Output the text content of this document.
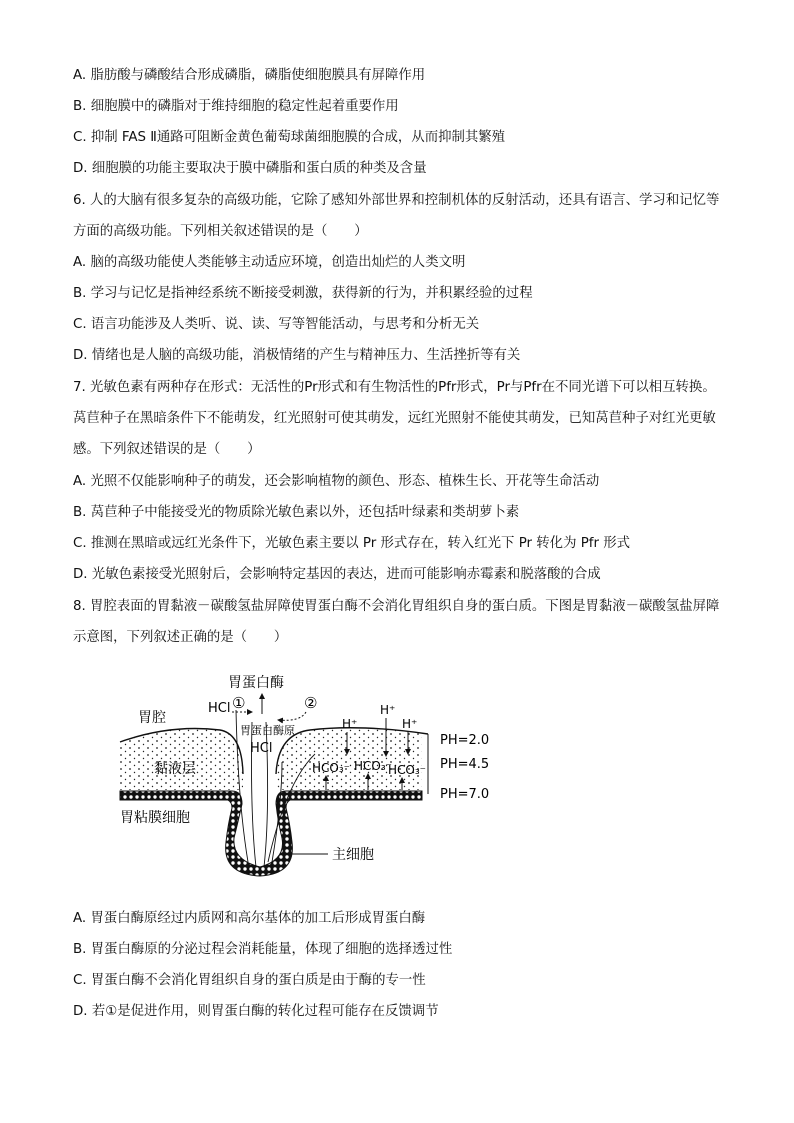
A. 脂肪酸与磷酸结合形成磷脂，磷脂使细胞膜具有屏障作用
B. 细胞膜中的磷脂对于维持细胞的稳定性起着重要作用
C. 抑制 FAS Ⅱ通路可阻断金黄色葡萄球菌细胞膜的合成，从而抑制其繁殖
D. 细胞膜的功能主要取决于膜中磷脂和蛋白质的种类及含量
6. 人的大脑有很多复杂的高级功能，它除了感知外部世界和控制机体的反射活动，还具有语言、学习和记忆等方面的高级功能。下列相关叙述错误的是（　　）
A. 脑的高级功能使人类能够主动适应环境，创造出灿烂的人类文明
B. 学习与记忆是指神经系统不断接受刺激，获得新的行为，并积累经验的过程
C. 语言功能涉及人类听、说、读、写等智能活动，与思考和分析无关
D. 情绪也是人脑的高级功能，消极情绪的产生与精神压力、生活挫折等有关
7. 光敏色素有两种存在形式：无活性的Pr形式和有生物活性的Pfr形式，Pr与Pfr在不同光谱下可以相互转换。莴苣种子在黑暗条件下不能萌发，红光照射可使其萌发，远红光照射不能使其萌发，已知莴苣种子对红光更敏感。下列叙述错误的是（　　）
A. 光照不仅能影响种子的萌发，还会影响植物的颜色、形态、植株生长、开花等生命活动
B. 莴苣种子中能接受光的物质除光敏色素以外，还包括叶绿素和类胡萝卜素
C. 推测在黑暗或远红光条件下，光敏色素主要以 Pr 形式存在，转入红光下 Pr 转化为 Pfr 形式
D. 光敏色素接受光照射后，会影响特定基因的表达，进而可能影响赤霉素和脱落酸的合成
8. 胃腔表面的胃黏液－碳酸氢盐屏障使胃蛋白酶不会消化胃组织自身的蛋白质。下图是胃黏液－碳酸氢盐屏障示意图，下列叙述正确的是（　　）
胃蛋白酶
HCl ①	②
胃蛋白酶原
HCl
胃腔
黏液层
胃粘膜细胞
主细胞
H⁺
H⁺
H⁺
HCO₃⁻ HCO₃⁻
HCO₃⁻
PH=2.0
PH=4.5
PH=7.0
A. 胃蛋白酶原经过内质网和高尔基体的加工后形成胃蛋白酶
B. 胃蛋白酶原的分泌过程会消耗能量，体现了细胞的选择透过性
C. 胃蛋白酶不会消化胃组织自身的蛋白质是由于酶的专一性
D. 若①是促进作用，则胃蛋白酶的转化过程可能存在反馈调节
